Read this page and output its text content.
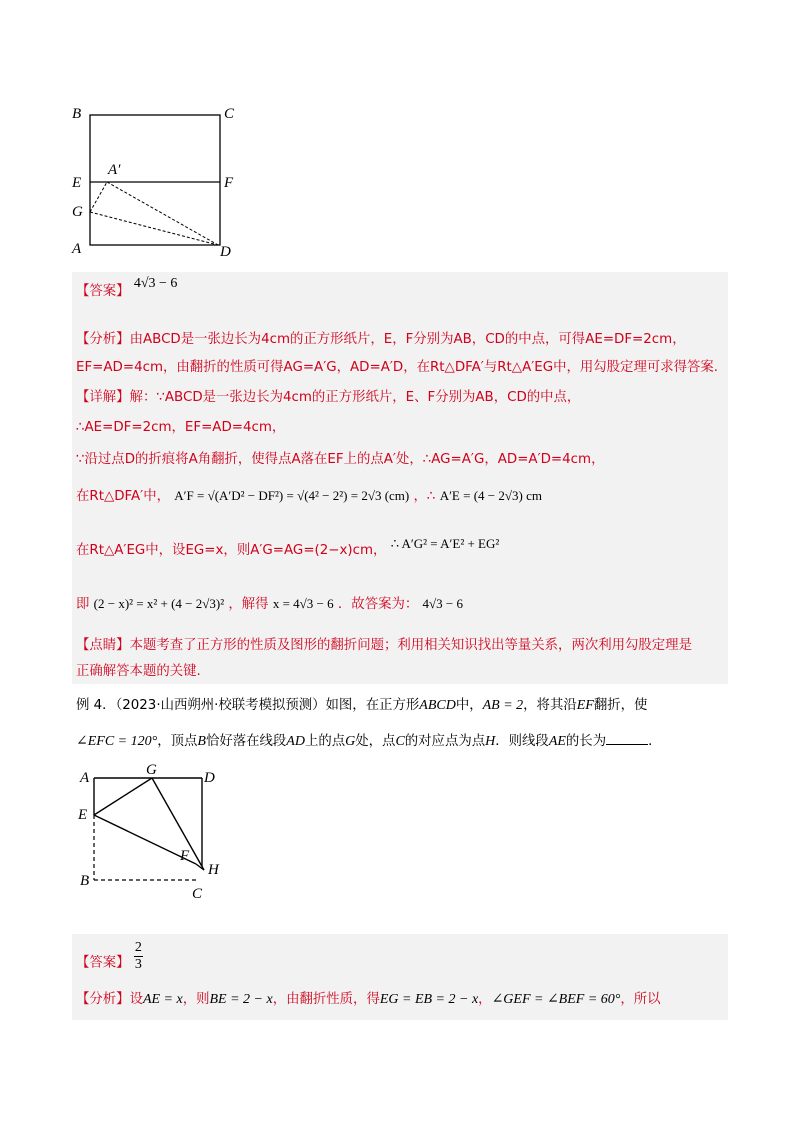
B	C
E	F
A′
G
A	D
【答案】 4√3 − 6
【分析】由ABCD是一张边长为4cm的正方形纸片，E，F分别为AB，CD的中点，可得AE=DF=2cm，
EF=AD=4cm，由翻折的性质可得AG=A′G，AD=A′D，在Rt△DFA′与Rt△A′EG中，用勾股定理可求得答案.
【详解】解：∵ABCD是一张边长为4cm的正方形纸片，E、F分别为AB，CD的中点，
∴AE=DF=2cm，EF=AD=4cm，
∵沿过点D的折痕将A角翻折，使得点A落在EF上的点A′处，∴AG=A′G，AD=A′D=4cm，
在Rt△DFA′中， A′F = √(A′D² − DF²) = √(4² − 2²) = 2√3 (cm) ，∴ A′E = (4 − 2√3) cm
在Rt△A′EG中，设EG=x，则A′G=AG=(2−x)cm， ∴ A′G² = A′E² + EG²
即 (2 − x)² = x² + (4 − 2√3)² ，解得 x = 4√3 − 6 ．故答案为： 4√3 − 6
【点睛】本题考查了正方形的性质及图形的翻折问题；利用相关知识找出等量关系，两次利用勾股定理是
正确解答本题的关键.
例 4．（2023·山西朔州·校联考模拟预测）如图，在正方形ABCD中，AB = 2，将其沿EF翻折，使
∠EFC = 120°，顶点B恰好落在线段AD上的点G处，点C的对应点为点H．则线段AE的长为	．
A	G	D
E
F
H
B
C
【答案】 $\frac{2}{3}$
【分析】设AE = x，则BE = 2 − x，由翻折性质，得EG = EB = 2 − x，∠GEF = ∠BEF = 60°，所以
